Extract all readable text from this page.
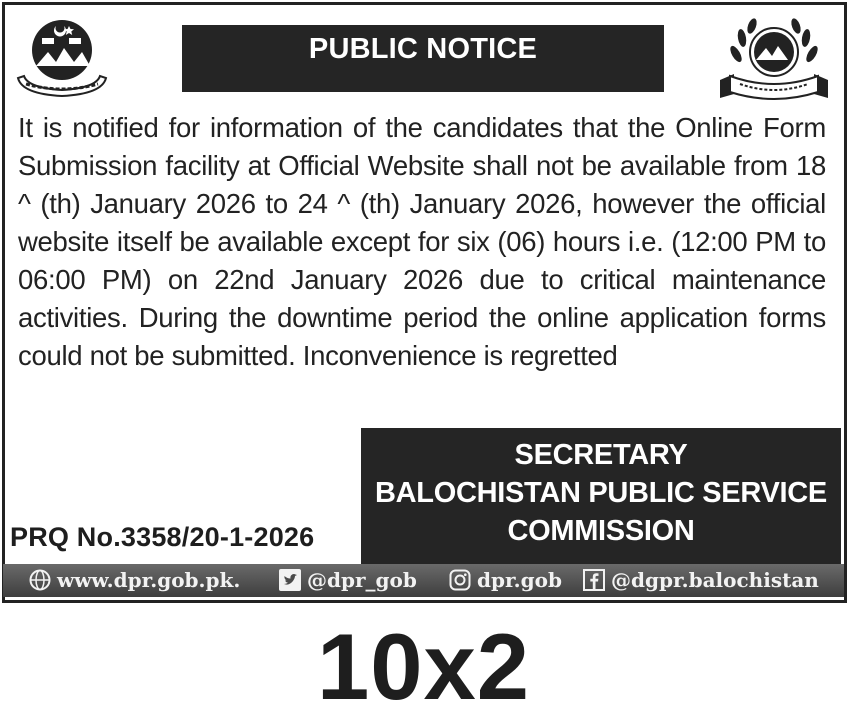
PUBLIC NOTICE
It is notified for information of the candidates that the Online Form Submission facility at Official Website shall not be available from 18 ^ (th) January 2026 to 24 ^ (th) January 2026, however the official website itself be available except for six (06) hours i.e. (12:00 PM to 06:00 PM) on 22nd January 2026 due to critical maintenance activities. During the downtime period the online application forms could not be submitted. Inconvenience is regretted
SECRETARY
BALOCHISTAN PUBLIC SERVICE
COMMISSION
PRQ No.3358/20-1-2026
www.dpr.gob.pk.	@dpr_gob	dpr.gob @dgpr.balochistan
10x2
